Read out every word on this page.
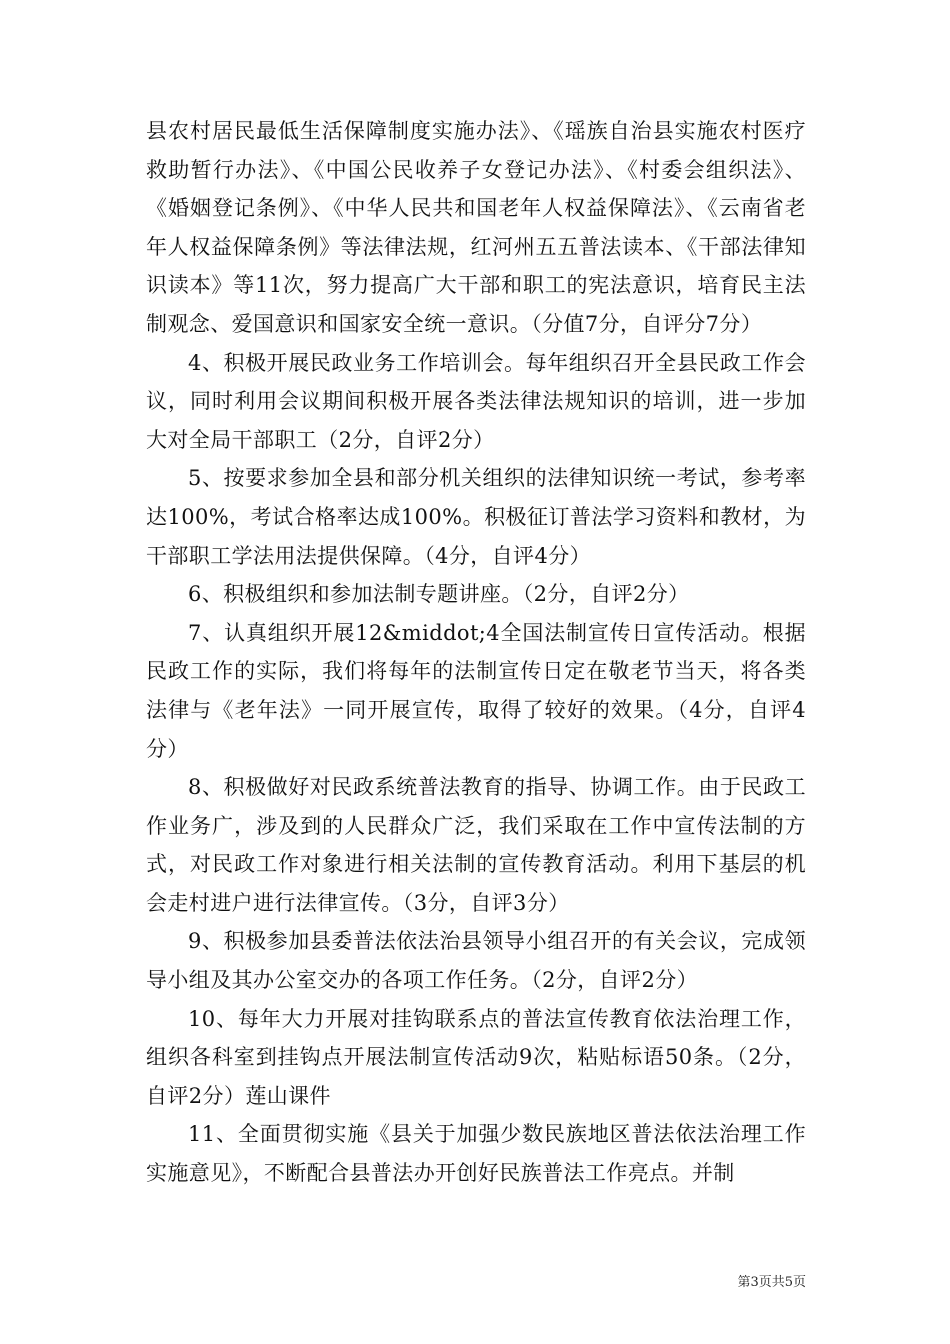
县农村居民最低生活保障制度实施办法》、《瑶族自治县实施农村医疗救助暂行办法》、《中国公民收养子女登记办法》、《村委会组织法》、《婚姻登记条例》、《中华人民共和国老年人权益保障法》、《云南省老年人权益保障条例》等法律法规，红河州五五普法读本、《干部法律知识读本》等11次，努力提高广大干部和职工的宪法意识，培育民主法制观念、爱国意识和国家安全统一意识。（分值7分，自评分7分）

4、积极开展民政业务工作培训会。每年组织召开全县民政工作会议，同时利用会议期间积极开展各类法律法规知识的培训，进一步加大对全局干部职工（2分，自评2分）

5、按要求参加全县和部分机关组织的法律知识统一考试，参考率达100%，考试合格率达成100%。积极征订普法学习资料和教材，为干部职工学法用法提供保障。（4分，自评4分）

6、积极组织和参加法制专题讲座。（2分，自评2分）

7、认真组织开展12&middot;4全国法制宣传日宣传活动。根据民政工作的实际，我们将每年的法制宣传日定在敬老节当天，将各类法律与《老年法》一同开展宣传，取得了较好的效果。（4分，自评4分）

8、积极做好对民政系统普法教育的指导、协调工作。由于民政工作业务广，涉及到的人民群众广泛，我们采取在工作中宣传法制的方式，对民政工作对象进行相关法制的宣传教育活动。利用下基层的机会走村进户进行法律宣传。（3分，自评3分）

9、积极参加县委普法依法治县领导小组召开的有关会议，完成领导小组及其办公室交办的各项工作任务。（2分，自评2分）

10、每年大力开展对挂钩联系点的普法宣传教育依法治理工作，组织各科室到挂钩点开展法制宣传活动9次，粘贴标语50条。（2分，自评2分）莲山课件

11、全面贯彻实施《县关于加强少数民族地区普法依法治理工作实施意见》，不断配合县普法办开创好民族普法工作亮点。并制

第3页共5页
